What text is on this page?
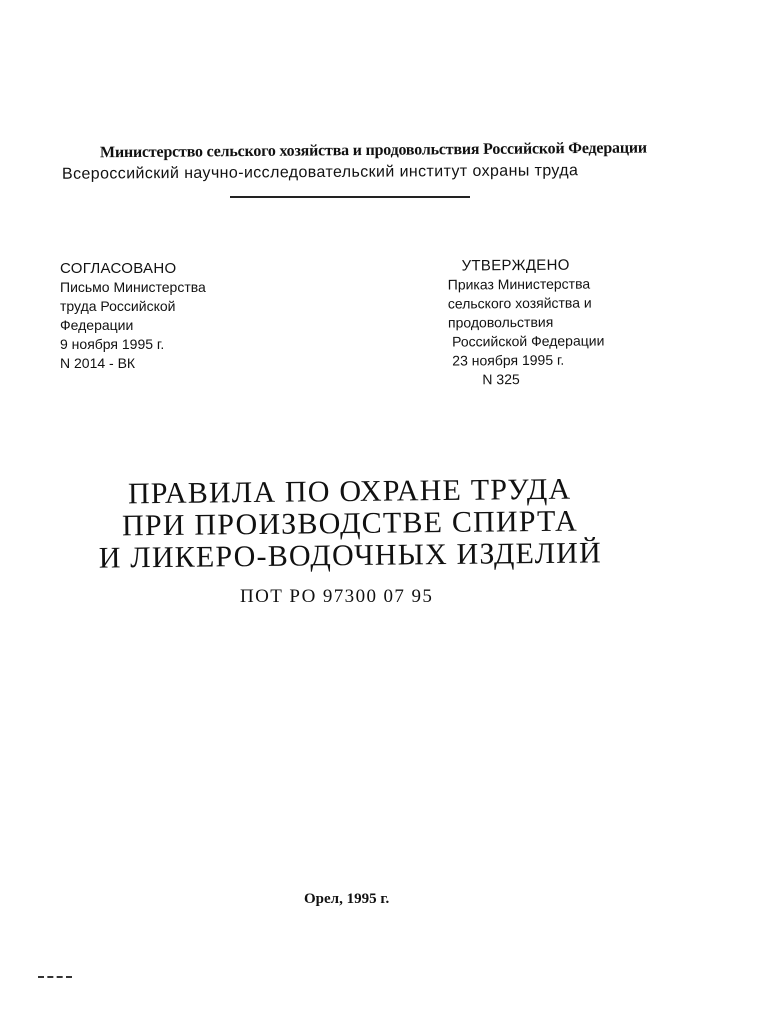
Министерство сельского хозяйства и продовольствия Российской Федерации
Всероссийский научно-исследовательский институт охраны труда
СОГЛАСОВАНО
Письмо Министерства
труда Российской
Федерации
9 ноября 1995 г.
N 2014 - ВК
УТВЕРЖДЕНО
Приказ Министерства
сельского хозяйства и
продовольствия
Российской Федерации
23 ноября 1995 г.
N 325
ПРАВИЛА ПО ОХРАНЕ ТРУДА
ПРИ ПРОИЗВОДСТВЕ СПИРТА
И ЛИКЕРО-ВОДОЧНЫХ ИЗДЕЛИЙ
ПОТ РО 97300 07 95
Орел, 1995 г.
